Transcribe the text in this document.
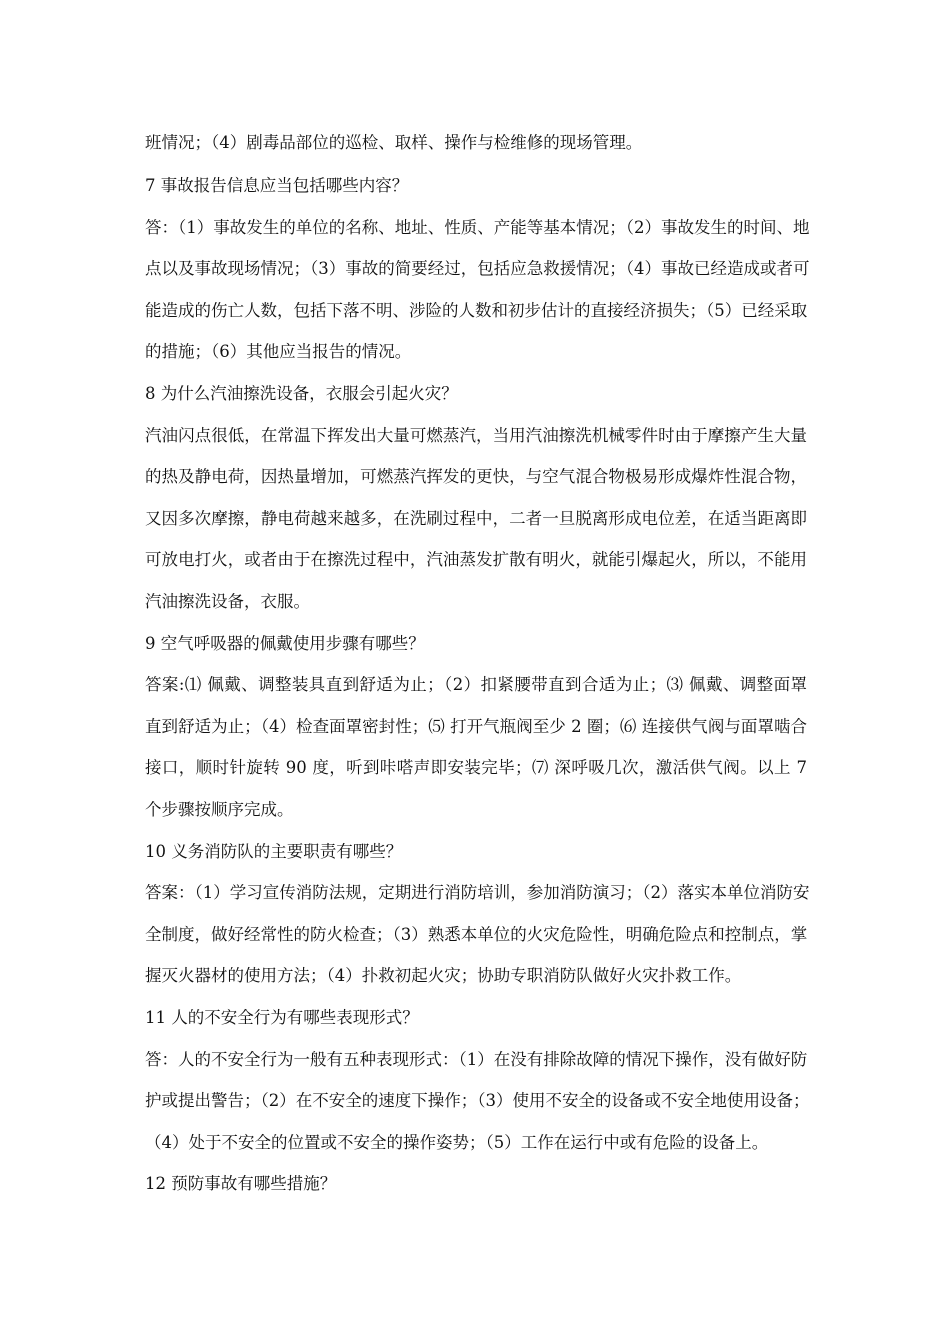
班情况；（4）剧毒品部位的巡检、取样、操作与检维修的现场管理。

7 事故报告信息应当包括哪些内容？

答：（1）事故发生的单位的名称、地址、性质、产能等基本情况；（2）事故发生的时间、地

点以及事故现场情况；（3）事故的简要经过，包括应急救援情况；（4）事故已经造成或者可

能造成的伤亡人数，包括下落不明、涉险的人数和初步估计的直接经济损失；（5）已经采取

的措施；（6）其他应当报告的情况。

8 为什么汽油擦洗设备，衣服会引起火灾？

汽油闪点很低，在常温下挥发出大量可燃蒸汽，当用汽油擦洗机械零件时由于摩擦产生大量

的热及静电荷，因热量增加，可燃蒸汽挥发的更快，与空气混合物极易形成爆炸性混合物，

又因多次摩擦，静电荷越来越多，在洗刷过程中，二者一旦脱离形成电位差，在适当距离即

可放电打火，或者由于在擦洗过程中，汽油蒸发扩散有明火，就能引爆起火，所以，不能用

汽油擦洗设备，衣服。

9 空气呼吸器的佩戴使用步骤有哪些？

答案:⑴ 佩戴、调整装具直到舒适为止；（2）扣紧腰带直到合适为止；⑶ 佩戴、调整面罩

直到舒适为止；（4）检查面罩密封性；⑸ 打开气瓶阀至少 2 圈；⑹ 连接供气阀与面罩啮合

接口，顺时针旋转 90 度，听到咔嗒声即安装完毕；⑺ 深呼吸几次，激活供气阀。以上 7

个步骤按顺序完成。

10 义务消防队的主要职责有哪些？

答案：（1）学习宣传消防法规，定期进行消防培训，参加消防演习；（2）落实本单位消防安

全制度，做好经常性的防火检查；（3）熟悉本单位的火灾危险性，明确危险点和控制点，掌

握灭火器材的使用方法；（4）扑救初起火灾；协助专职消防队做好火灾扑救工作。

11 人的不安全行为有哪些表现形式？

答：人的不安全行为一般有五种表现形式：（1）在没有排除故障的情况下操作，没有做好防

护或提出警告；（2）在不安全的速度下操作；（3）使用不安全的设备或不安全地使用设备；

（4）处于不安全的位置或不安全的操作姿势；（5）工作在运行中或有危险的设备上。

12 预防事故有哪些措施？
